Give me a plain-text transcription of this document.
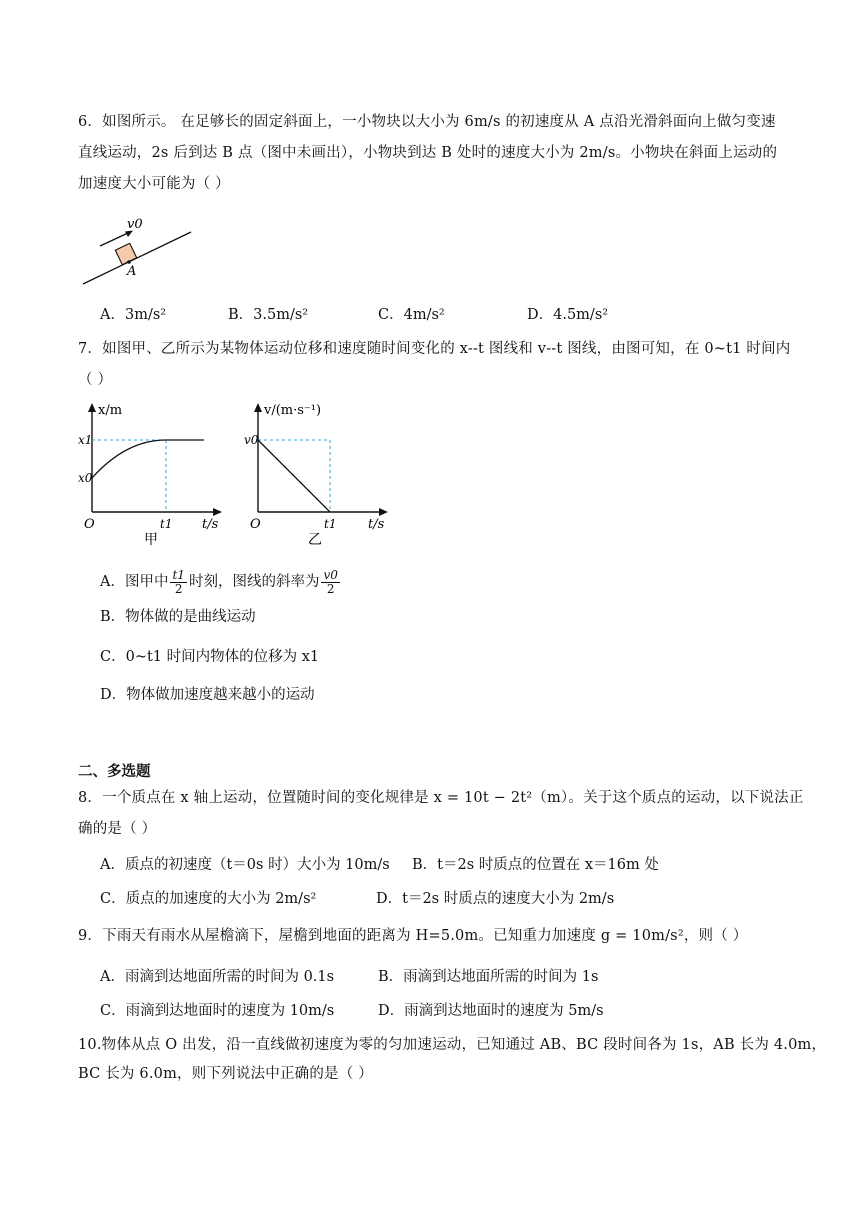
6．如图所示。 在足够长的固定斜面上，一小物块以大小为 6m/s 的初速度从 A 点沿光滑斜面向上做匀变速
直线运动，2s 后到达 B 点（图中未画出），小物块到达 B 处时的速度大小为 2m/s。小物块在斜面上运动的
加速度大小可能为（ ）
v0
A
A．3m/s²	B．3.5m/s²	C．4m/s²	D．4.5m/s²
7．如图甲、乙所示为某物体运动位移和速度随时间变化的 x--t 图线和 v--t 图线，由图可知，在 0~t1 时间内
（ ）
x/m
x1
x0
O	t1 t/s
甲
v/(m·s⁻¹)
v0
O	t1 t/s
乙
A．图甲中 $\frac{t1}{2}$ 时刻，图线的斜率为 $\frac{v0}{2}$
B．物体做的是曲线运动
C．0~t1 时间内物体的位移为 x1
D．物体做加速度越来越小的运动
二、多选题
8．一个质点在 x 轴上运动，位置随时间的变化规律是 x = 10t − 2t²（m）。关于这个质点的运动，以下说法正
确的是（ ）
A．质点的初速度（t＝0s 时）大小为 10m/s B．t＝2s 时质点的位置在 x＝16m 处
C．质点的加速度的大小为 2m/s²	D．t＝2s 时质点的速度大小为 2m/s
9．下雨天有雨水从屋檐滴下，屋檐到地面的距离为 H=5.0m。已知重力加速度 g = 10m/s²，则（ ）
A．雨滴到达地面所需的时间为 0.1s	B．雨滴到达地面所需的时间为 1s
C．雨滴到达地面时的速度为 10m/s	D．雨滴到达地面时的速度为 5m/s
10.物体从点 O 出发，沿一直线做初速度为零的匀加速运动，已知通过 AB、BC 段时间各为 1s，AB 长为 4.0m，
BC 长为 6.0m，则下列说法中正确的是（ ）
